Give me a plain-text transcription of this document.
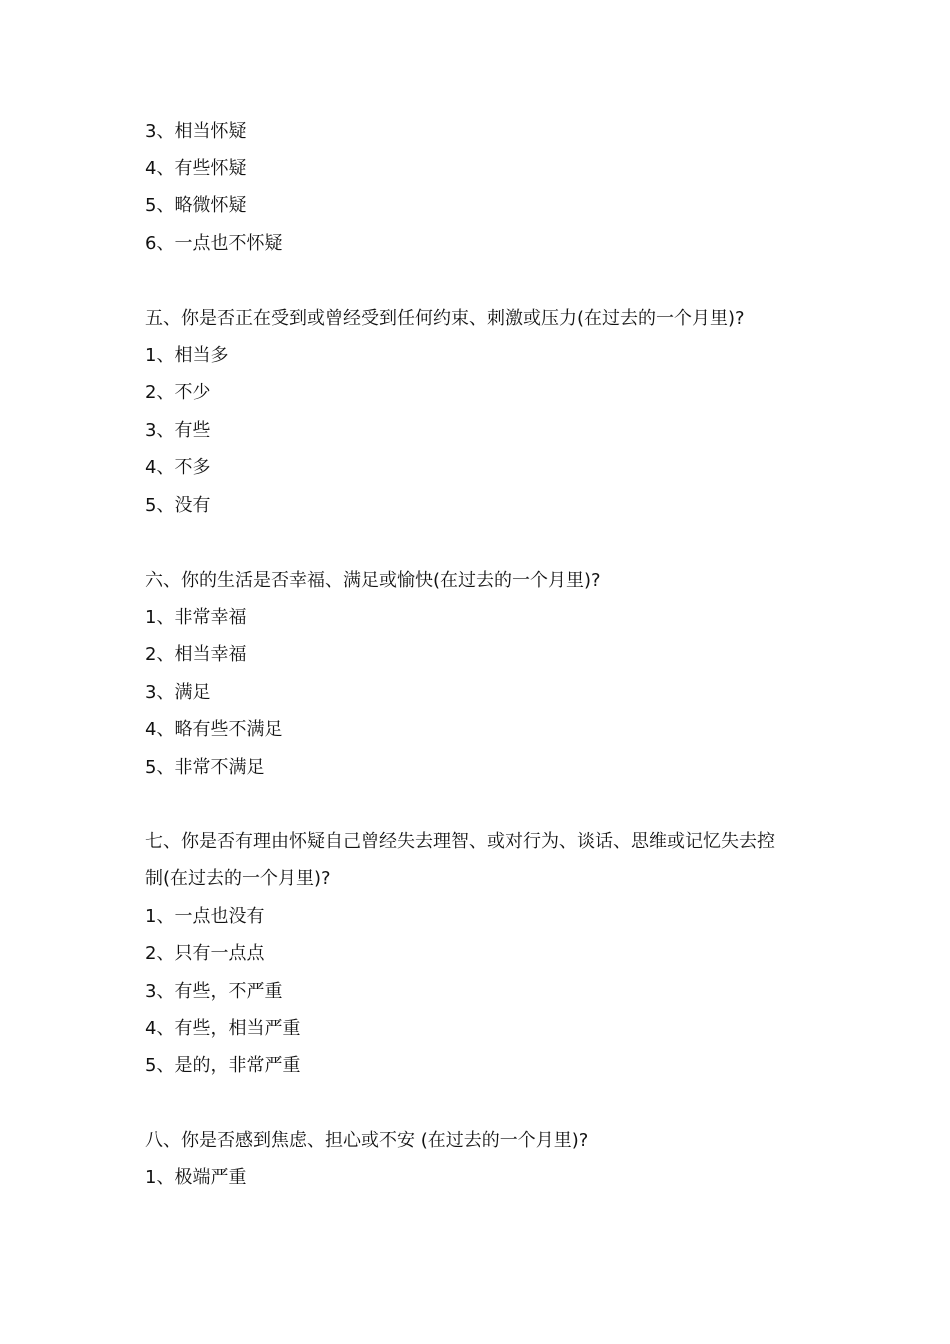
3、相当怀疑
4、有些怀疑
5、略微怀疑
6、一点也不怀疑
五、你是否正在受到或曾经受到任何约束、刺激或压力(在过去的一个月里)?
1、相当多
2、不少
3、有些
4、不多
5、没有
六、你的生活是否幸福、满足或愉快(在过去的一个月里)?
1、非常幸福
2、相当幸福
3、满足
4、略有些不满足
5、非常不满足
七、你是否有理由怀疑自己曾经失去理智、或对行为、谈话、思维或记忆失去控
制(在过去的一个月里)?
1、一点也没有
2、只有一点点
3、有些，不严重
4、有些，相当严重
5、是的，非常严重
八、你是否感到焦虑、担心或不安 (在过去的一个月里)?
1、极端严重
